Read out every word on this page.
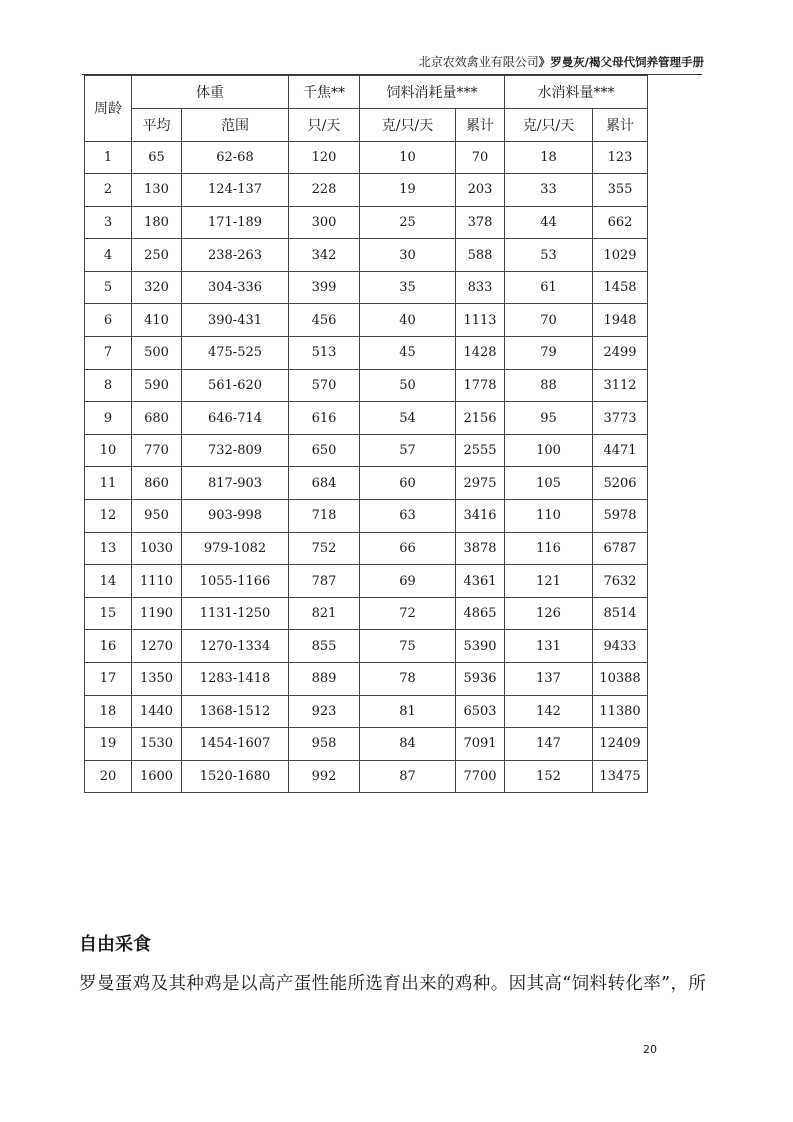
北京农效禽业有限公司》罗曼灰/褐父母代饲养管理手册
周龄	体重		千焦**	饲料消耗量***		水消料量***	
	平均	范围	只/天	克/只/天	累计	克/只/天	累计
1	65	62-68	120	10	70	18	123
2	130	124-137	228	19	203	33	355
3	180	171-189	300	25	378	44	662
4	250	238-263	342	30	588	53	1029
5	320	304-336	399	35	833	61	1458
6	410	390-431	456	40	1113	70	1948
7	500	475-525	513	45	1428	79	2499
8	590	561-620	570	50	1778	88	3112
9	680	646-714	616	54	2156	95	3773
10	770	732-809	650	57	2555	100	4471
11	860	817-903	684	60	2975	105	5206
12	950	903-998	718	63	3416	110	5978
13	1030	979-1082	752	66	3878	116	6787
14	1110	1055-1166	787	69	4361	121	7632
15	1190	1131-1250	821	72	4865	126	8514
16	1270	1270-1334	855	75	5390	131	9433
17	1350	1283-1418	889	78	5936	137	10388
18	1440	1368-1512	923	81	6503	142	11380
19	1530	1454-1607	958	84	7091	147	12409
20	1600	1520-1680	992	87	7700	152	13475
自由采食
罗曼蛋鸡及其种鸡是以高产蛋性能所选育出来的鸡种。因其高“饲料转化率”，所
20
